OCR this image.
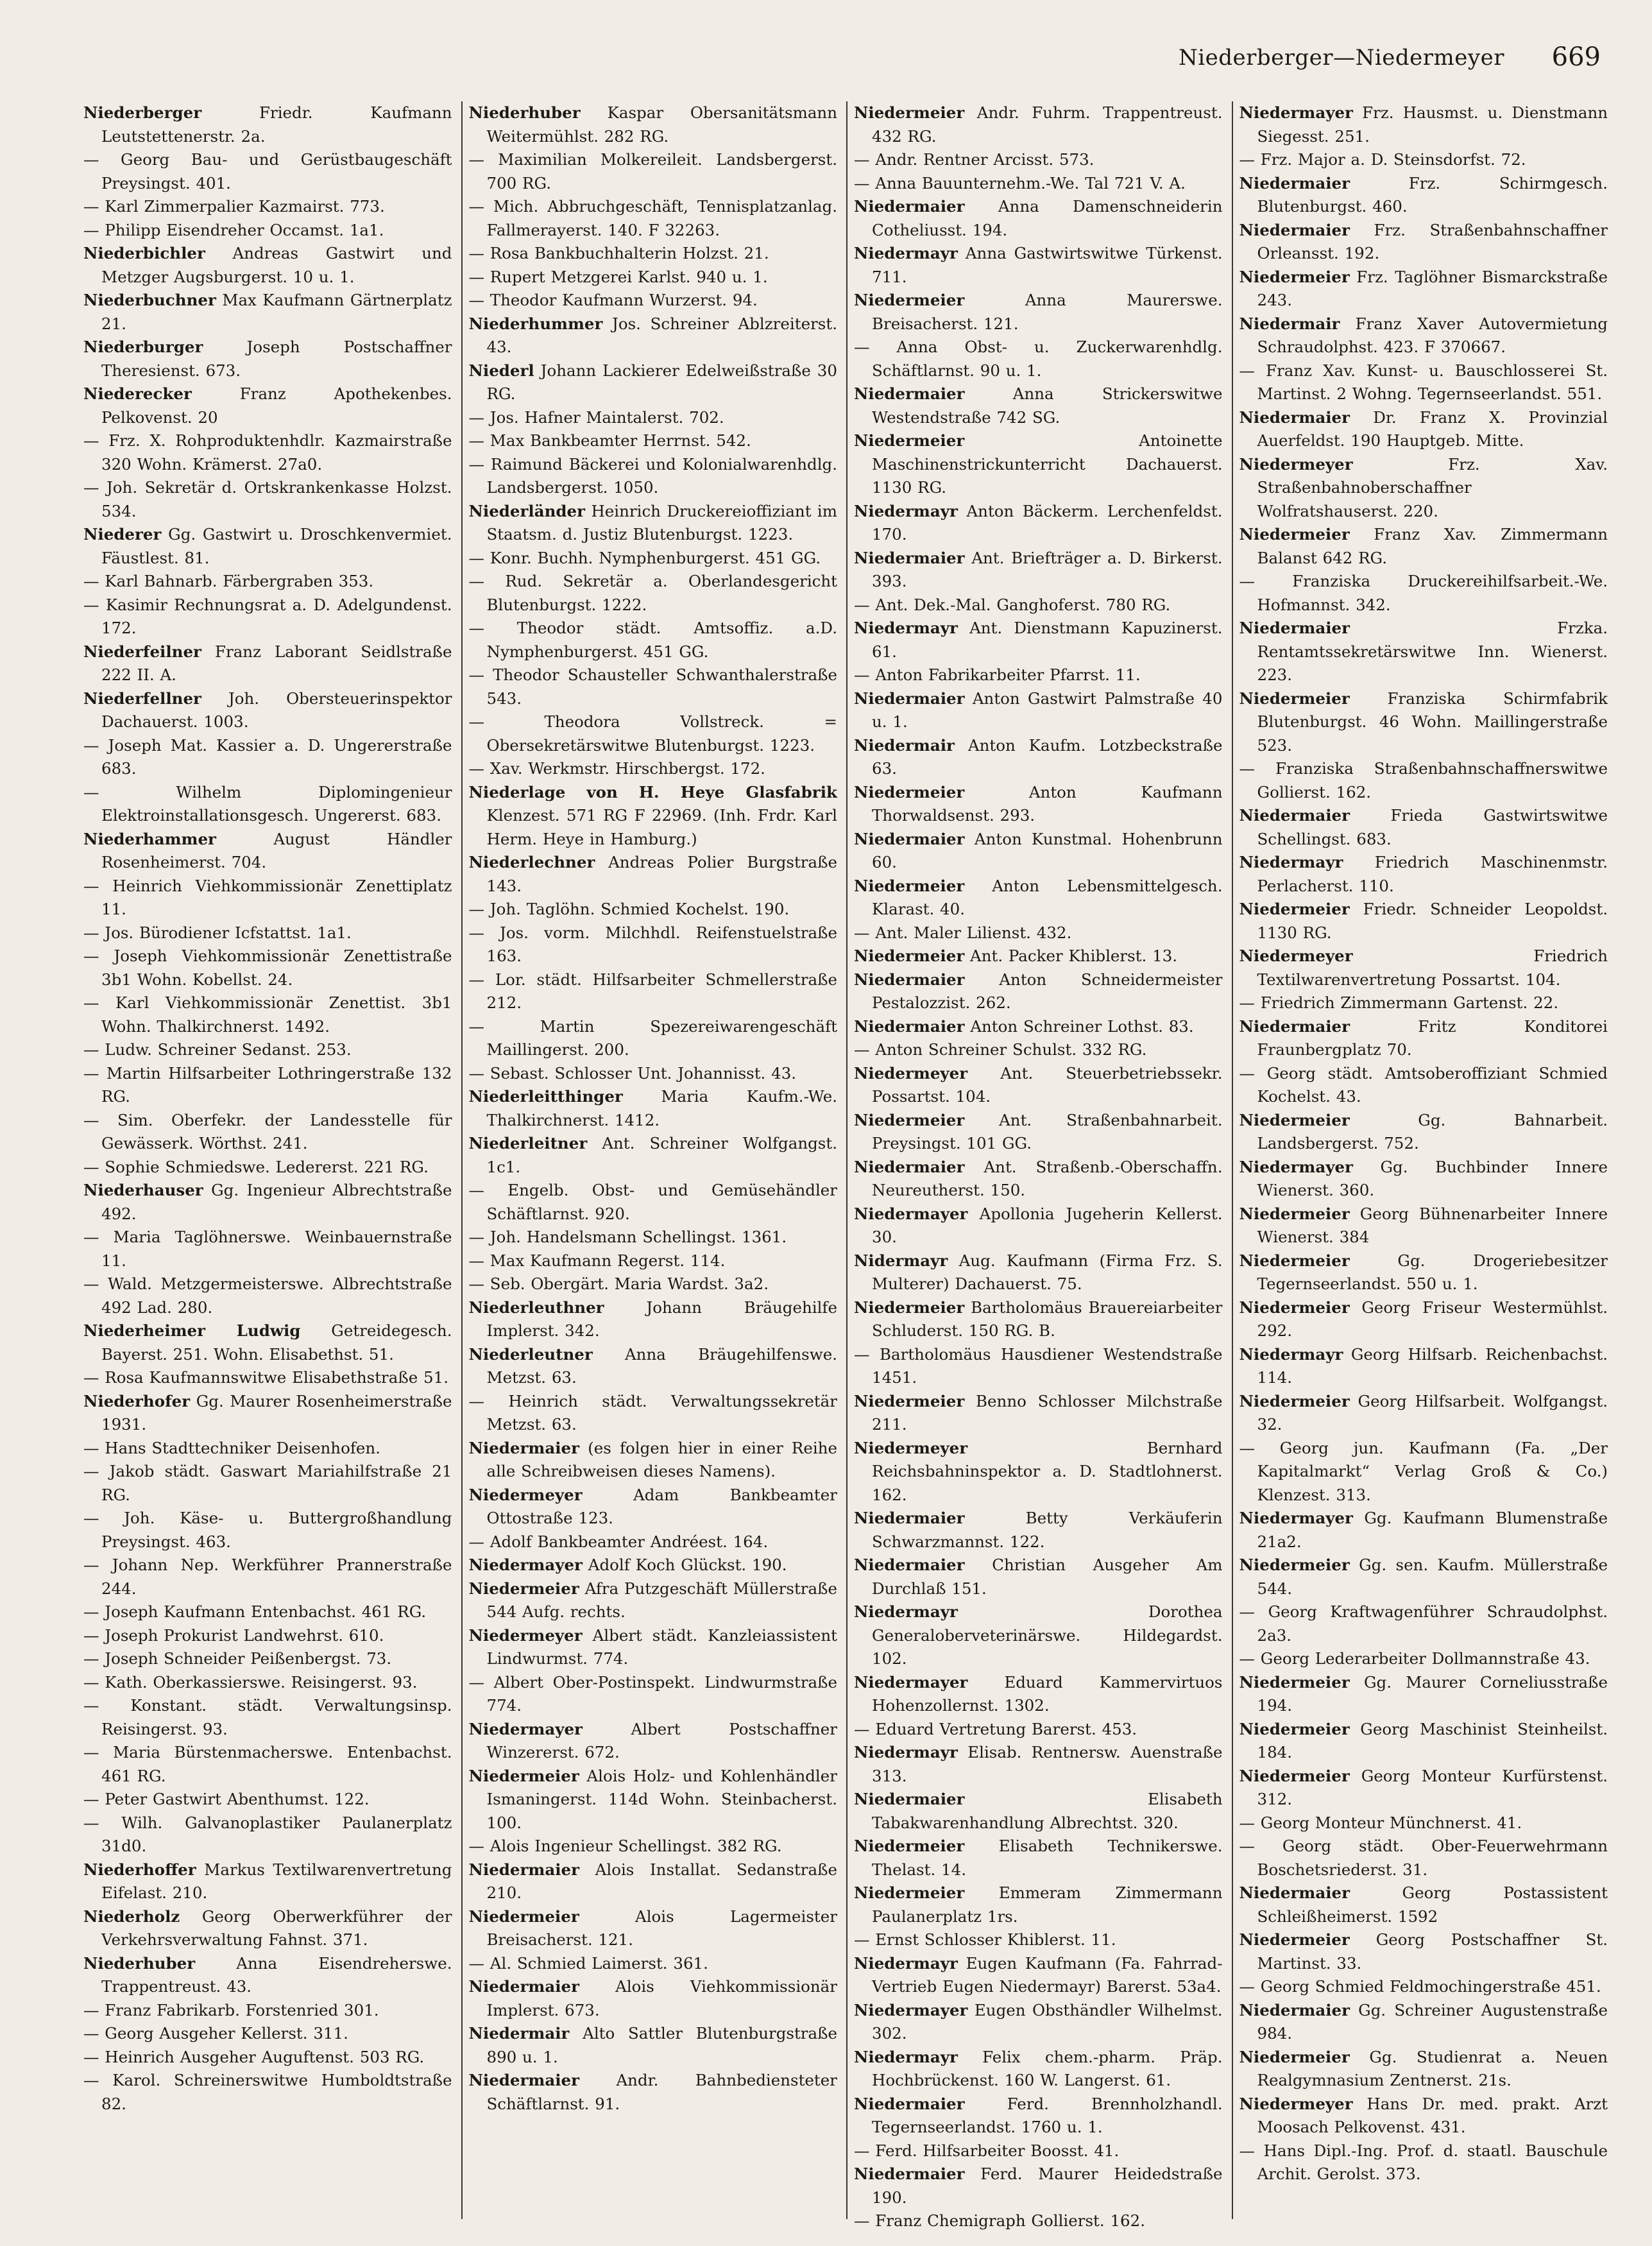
Niederberger—Niedermeyer 669

Niederberger	Friedr. Kaufmann Leutstettenerstr. 2a.

— Georg Bau- und Gerüstbaugeschäft Preysingst. 401.

— Karl Zimmerpalier Kazmairst. 773.

— Philipp Eisendreher Occamst. 1a1.

Niederbichler Andreas Gastwirt und Metzger Augsburgerst. 10 u. 1.

Niederbuchner Max Kaufmann Gärtnerplatz 21.

Niederburger	Joseph Postschaffner Theresienst. 673.

Niederecker	Franz Apothekenbes. Pelkovenst. 20

— Frz. X. Rohproduktenhdlr. Kazmairstraße 320 Wohn. Krämerst. 27a0.

— Joh. Sekretär d. Ortskrankenkasse Holzst. 534.

Niederer Gg. Gastwirt u. Droschkenvermiet. Fäustlest. 81.

— Karl Bahnarb. Färbergraben 353.

— Kasimir Rechnungsrat a. D. Adelgundenst. 172.

Niederfeilner Franz Laborant Seidlstraße 222 II. A.

Niederfellner Joh. Obersteuerinspektor Dachauerst. 1003.

— Joseph Mat. Kassier a. D. Ungererstraße 683.

— Wilhelm Diplomingenieur Elektroinstallationsgesch. Ungererst. 683.

Niederhammer	August Händler Rosenheimerst. 704.

— Heinrich Viehkommissionär Zenettiplatz 11.

— Jos. Bürodiener Icfstattst. 1a1.

— Joseph Viehkommissionär Zenettistraße 3b1 Wohn. Kobellst. 24.

— Karl Viehkommissionär Zenettist. 3b1 Wohn. Thalkirchnerst. 1492.

— Ludw. Schreiner Sedanst. 253.

— Martin Hilfsarbeiter Lothringerstraße 132 RG.

— Sim. Oberfekr. der Landesstelle für Gewässerk. Wörthst. 241.

— Sophie Schmiedswe. Ledererst. 221 RG.

Niederhauser Gg. Ingenieur Albrechtstraße 492.

— Maria Taglöhnerswe. Weinbauernstraße 11.

— Wald. Metzgermeisterswe. Albrechtstraße 492 Lad. 280.

Niederheimer Ludwig Getreidegesch. Bayerst. 251. Wohn. Elisabethst. 51.

— Rosa Kaufmannswitwe Elisabethstraße 51.

Niederhofer Gg. Maurer Rosenheimerstraße 1931.

— Hans Stadttechniker Deisenhofen.

— Jakob städt. Gaswart Mariahilfstraße 21 RG.

— Joh. Käse- u. Buttergroßhandlung Preysingst. 463.

— Johann Nep. Werkführer Prannerstraße 244.

— Joseph Kaufmann Entenbachst. 461 RG.

— Joseph Prokurist Landwehrst. 610.

— Joseph Schneider Peißenbergst. 73.

— Kath. Oberkassierswe. Reisingerst. 93.

— Konstant. städt. Verwaltungsinsp. Reisingerst. 93.

— Maria Bürstenmacherswe. Entenbachst. 461 RG.

— Peter Gastwirt Abenthumst. 122.

— Wilh. Galvanoplastiker Paulanerplatz 31d0.

Niederhoffer Markus Textilwarenvertretung Eifelast. 210.

Niederholz Georg Oberwerkführer der Verkehrsverwaltung Fahnst. 371.

Niederhuber	Anna Eisendreherswe. Trappentreust. 43.

— Franz Fabrikarb. Forstenried 301.

— Georg Ausgeher Kellerst. 311.

— Heinrich Ausgeher Auguftenst. 503 RG.

— Karol. Schreinerswitwe Humboldtstraße 82.

Niederhuber Kaspar Obersanitätsmann Weitermühlst. 282 RG.

— Maximilian Molkereileit. Landsbergerst. 700 RG.

— Mich. Abbruchgeschäft, Tennisplatzanlag. Fallmerayerst. 140. F 32263.

— Rosa Bankbuchhalterin Holzst. 21.

— Rupert Metzgerei Karlst. 940 u. 1.

— Theodor Kaufmann Wurzerst. 94.

Niederhummer Jos. Schreiner Ablzreiterst. 43.

Niederl Johann Lackierer Edelweißstraße 30 RG.

— Jos. Hafner Maintalerst. 702.

— Max Bankbeamter Herrnst. 542.

— Raimund Bäckerei und Kolonialwarenhdlg. Landsbergerst. 1050.

Niederländer Heinrich Druckereioffiziant im Staatsm. d. Justiz Blutenburgst. 1223.

— Konr. Buchh. Nymphenburgerst. 451 GG.

— Rud. Sekretär a. Oberlandesgericht Blutenburgst. 1222.

— Theodor städt. Amtsoffiz. a.D. Nymphenburgerst. 451 GG.

— Theodor Schausteller Schwanthalerstraße 543.

— Theodora Vollstreck. = Obersekretärswitwe Blutenburgst. 1223.

— Xav. Werkmstr. Hirschbergst. 172.

Niederlage von H. Heye Glasfabrik Klenzest. 571 RG F 22969. (Inh. Frdr. Karl Herm. Heye in Hamburg.)

Niederlechner Andreas Polier Burgstraße 143.

— Joh. Taglöhn. Schmied Kochelst. 190.

— Jos. vorm. Milchhdl. Reifenstuelstraße 163.

— Lor. städt. Hilfsarbeiter Schmellerstraße 212.

— Martin Spezereiwarengeschäft Maillingerst. 200.

— Sebast. Schlosser Unt. Johannisst. 43.

Niederleitthinger Maria Kaufm.-We. Thalkirchnerst. 1412.

Niederleitner Ant. Schreiner Wolfgangst. 1c1.

— Engelb. Obst- und Gemüsehändler Schäftlarnst. 920.

— Joh. Handelsmann Schellingst. 1361.

— Max Kaufmann Regerst. 114.

— Seb. Obergärt. Maria Wardst. 3a2.

Niederleuthner	Johann Bräugehilfe Implerst. 342.

Niederleutner Anna Bräugehilfenswe. Metzst. 63.

— Heinrich städt. Verwaltungssekretär Metzst. 63.

Niedermaier (es folgen hier in einer Reihe alle Schreibweisen dieses Namens).

Niedermeyer	Adam Bankbeamter Ottostraße 123.

— Adolf Bankbeamter Andréest. 164.

Niedermayer Adolf Koch Glückst. 190.

Niedermeier Afra Putzgeschäft Müllerstraße 544 Aufg. rechts.

Niedermeyer Albert städt. Kanzleiassistent Lindwurmst. 774.

— Albert Ober-Postinspekt. Lindwurmstraße 774.

Niedermayer	Albert Postschaffner Winzererst. 672.

Niedermeier Alois Holz- und Kohlenhändler Ismaningerst. 114d Wohn. Steinbacherst. 100.

— Alois Ingenieur Schellingst. 382 RG.

Niedermaier Alois Installat. Sedanstraße 210.

Niedermeier	Alois Lagermeister Breisacherst. 121.

— Al. Schmied Laimerst. 361.

Niedermaier Alois Viehkommissionär Implerst. 673.

Niedermair Alto Sattler Blutenburgstraße 890 u. 1.

Niedermaier Andr. Bahnbediensteter Schäftlarnst. 91.

Niedermeier Andr. Fuhrm. Trappentreust. 432 RG.

— Andr. Rentner Arcisst. 573.

— Anna Bauunternehm.-We. Tal 721 V. A.

Niedermaier Anna Damenschneiderin Cotheliusst. 194.

Niedermayr Anna Gastwirtswitwe Türkenst. 711.

Niedermeier	Anna Maurerswe. Breisacherst. 121.

— Anna Obst- u. Zuckerwarenhdlg. Schäftlarnst. 90 u. 1.

Niedermaier	Anna Strickerswitwe Westendstraße 742 SG.

Niedermeier	Antoinette Maschinenstrickunterricht Dachauerst. 1130 RG.

Niedermayr Anton Bäckerm. Lerchenfeldst. 170.

Niedermaier Ant. Briefträger a. D. Birkerst. 393.

— Ant. Dek.-Mal. Ganghoferst. 780 RG.

Niedermayr Ant. Dienstmann Kapuzinerst. 61.

— Anton Fabrikarbeiter Pfarrst. 11.

Niedermaier Anton Gastwirt Palmstraße 40 u. 1.

Niedermair Anton Kaufm. Lotzbeckstraße 63.

Niedermeier	Anton Kaufmann Thorwaldsenst. 293.

Niedermaier Anton Kunstmal. Hohenbrunn 60.

Niedermeier Anton Lebensmittelgesch. Klarast. 40.

— Ant. Maler Lilienst. 432.

Niedermeier Ant. Packer Khiblerst. 13.

Niedermaier Anton Schneidermeister Pestalozzist. 262.

Niedermaier Anton Schreiner Lothst. 83.

— Anton Schreiner Schulst. 332 RG.

Niedermeyer Ant. Steuerbetriebssekr. Possartst. 104.

Niedermeier Ant. Straßenbahnarbeit. Preysingst. 101 GG.

Niedermaier Ant. Straßenb.-Oberschaffn. Neureutherst. 150.

Niedermayer Apollonia Jugeherin Kellerst. 30.

Nidermayr Aug. Kaufmann (Firma Frz. S. Multerer) Dachauerst. 75.

Niedermeier Bartholomäus Brauereiarbeiter Schluderst. 150 RG. B.

— Bartholomäus Hausdiener Westendstraße 1451.

Niedermeier Benno Schlosser Milchstraße 211.

Niedermeyer	Bernhard Reichsbahninspektor a. D. Stadtlohnerst. 162.

Niedermaier	Betty Verkäuferin Schwarzmannst. 122.

Niedermaier Christian Ausgeher Am Durchlaß 151.

Niedermayr	Dorothea Generaloberveterinärswe. Hildegardst. 102.

Niedermayer Eduard Kammervirtuos Hohenzollernst. 1302.

— Eduard Vertretung Barerst. 453.

Niedermayr Elisab. Rentnersw. Auenstraße 313.

Niedermaier	Elisabeth Tabakwarenhandlung Albrechtst. 320.

Niedermeier Elisabeth Technikerswe. Thelast. 14.

Niedermeier Emmeram Zimmermann Paulanerplatz 1rs.

— Ernst Schlosser Khiblerst. 11.

Niedermayr Eugen Kaufmann (Fa. Fahrrad-Vertrieb Eugen Niedermayr) Barerst. 53a4.

Niedermayer Eugen Obsthändler Wilhelmst. 302.

Niedermayr Felix chem.-pharm. Präp. Hochbrückenst. 160 W. Langerst. 61.

Niedermaier	Ferd. Brennholzhandl. Tegernseerlandst. 1760 u. 1.

— Ferd. Hilfsarbeiter Boosst. 41.

Niedermaier Ferd. Maurer Heidedstraße 190.

— Franz Chemigraph Gollierst. 162.

Niedermayer Frz. Hausmst. u. Dienstmann Siegesst. 251.

— Frz. Major a. D. Steinsdorfst. 72.

Niedermaier	Frz. Schirmgesch. Blutenburgst. 460.

Niedermaier Frz. Straßenbahnschaffner Orleansst. 192.

Niedermeier Frz. Taglöhner Bismarckstraße 243.

Niedermair Franz Xaver Autovermietung Schraudolphst. 423. F 370667.

— Franz Xav. Kunst- u. Bauschlosserei St. Martinst. 2 Wohng. Tegernseerlandst. 551.

Niedermaier Dr. Franz X. Provinzial Auerfeldst. 190 Hauptgeb. Mitte.

Niedermeyer	Frz. Xav. Straßenbahnoberschaffner Wolfratshauserst. 220.

Niedermeier Franz Xav. Zimmermann Balanst 642 RG.

— Franziska Druckereihilfsarbeit.-We. Hofmannst. 342.

Niedermaier	Frzka. Rentamtssekretärswitwe Inn. Wienerst. 223.

Niedermeier Franziska Schirmfabrik Blutenburgst. 46 Wohn. Maillingerstraße 523.

— Franziska Straßenbahnschaffnerswitwe Gollierst. 162.

Niedermaier	Frieda Gastwirtswitwe Schellingst. 683.

Niedermayr Friedrich Maschinenmstr. Perlacherst. 110.

Niedermeier Friedr. Schneider Leopoldst. 1130 RG.

Niedermeyer	Friedrich Textilwarenvertretung Possartst. 104.

— Friedrich Zimmermann Gartenst. 22.

Niedermaier	Fritz Konditorei Fraunbergplatz 70.

— Georg städt. Amtsoberoffiziant Schmied Kochelst. 43.

Niedermeier	Gg. Bahnarbeit. Landsbergerst. 752.

Niedermayer Gg. Buchbinder Innere Wienerst. 360.

Niedermeier Georg Bühnenarbeiter Innere Wienerst. 384

Niedermeier	Gg. Drogeriebesitzer Tegernseerlandst. 550 u. 1.

Niedermeier Georg Friseur Westermühlst. 292.

Niedermayr Georg Hilfsarb. Reichenbachst. 114.

Niedermeier Georg Hilfsarbeit. Wolfgangst. 32.

— Georg jun. Kaufmann (Fa. „Der Kapitalmarkt“ Verlag Groß & Co.) Klenzest. 313.

Niedermayer Gg. Kaufmann Blumenstraße 21a2.

Niedermeier Gg. sen. Kaufm. Müllerstraße 544.

— Georg Kraftwagenführer Schraudolphst. 2a3.

— Georg Lederarbeiter Dollmannstraße 43.

Niedermeier Gg. Maurer Corneliusstraße 194.

Niedermeier Georg Maschinist Steinheilst. 184.

Niedermeier Georg Monteur Kurfürstenst. 312.

— Georg Monteur Münchnerst. 41.

— Georg städt. Ober-Feuerwehrmann Boschetsriederst. 31.

Niedermaier	Georg Postassistent Schleißheimerst. 1592

Niedermeier Georg Postschaffner St. Martinst. 33.

— Georg Schmied Feldmochingerstraße 451.

Niedermaier Gg. Schreiner Augustenstraße 984.

Niedermeier Gg. Studienrat a. Neuen Realgymnasium Zentnerst. 21s.

Niedermeyer Hans Dr. med. prakt. Arzt Moosach Pelkovenst. 431.

— Hans Dipl.-Ing. Prof. d. staatl. Bauschule Archit. Gerolst. 373.
